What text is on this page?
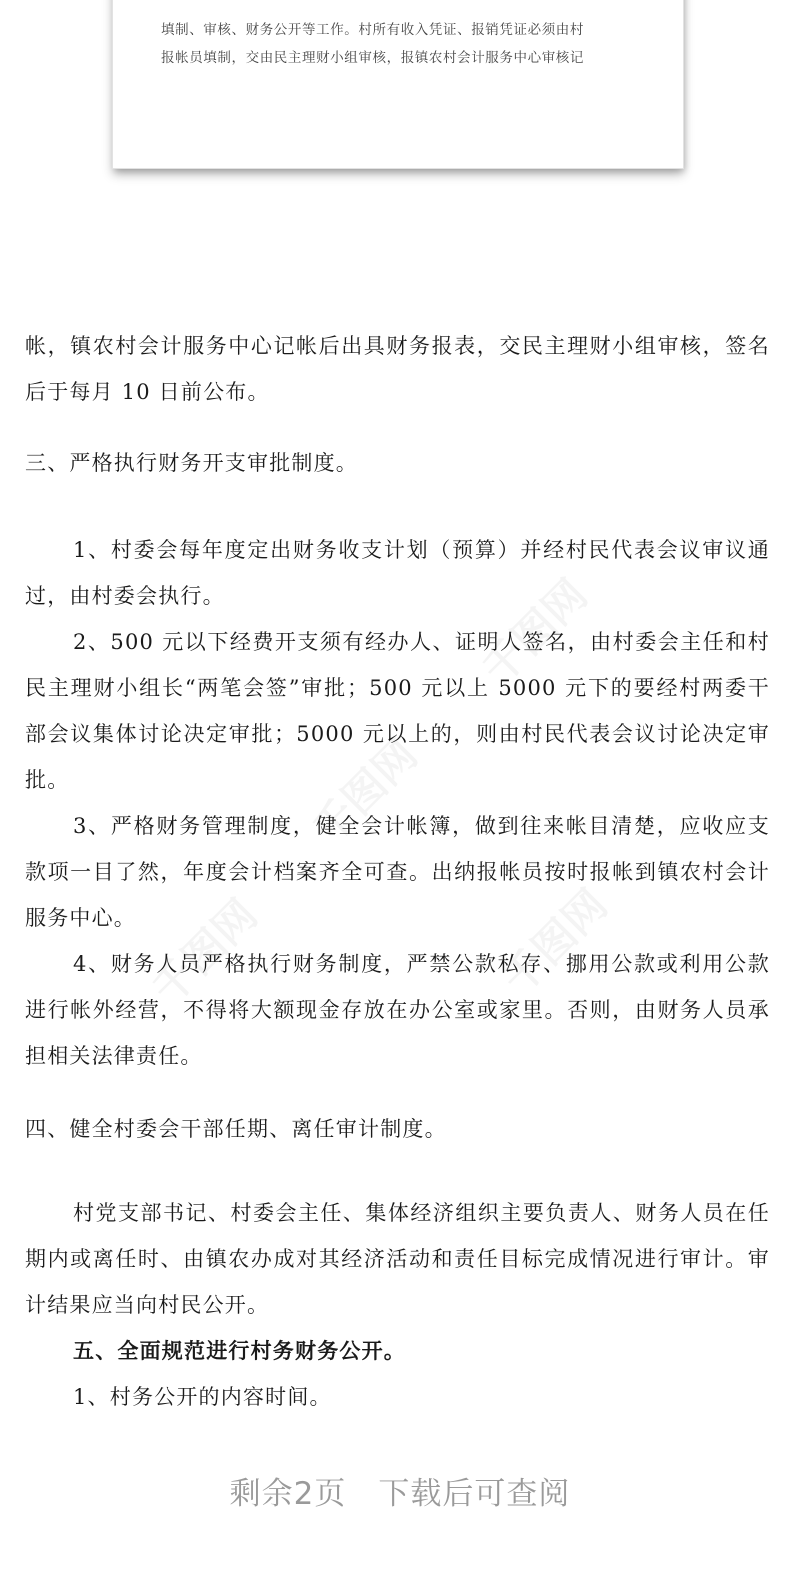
填制、审核、财务公开等工作。村所有收入凭证、报销凭证必须由村
报帐员填制，交由民主理财小组审核，报镇农村会计服务中心审核记

帐，镇农村会计服务中心记帐后出具财务报表，交民主理财小组审核，签名后于每月 10 日前公布。

三、严格执行财务开支审批制度。

1、村委会每年度定出财务收支计划（预算）并经村民代表会议审议通过，由村委会执行。

2、500 元以下经费开支须有经办人、证明人签名，由村委会主任和村民主理财小组长“两笔会签”审批；500 元以上 5000 元下的要经村两委干部会议集体讨论决定审批；5000 元以上的，则由村民代表会议讨论决定审批。

3、严格财务管理制度，健全会计帐簿，做到往来帐目清楚，应收应支款项一目了然，年度会计档案齐全可查。出纳报帐员按时报帐到镇农村会计服务中心。

4、财务人员严格执行财务制度，严禁公款私存、挪用公款或利用公款进行帐外经营，不得将大额现金存放在办公室或家里。否则，由财务人员承担相关法律责任。

四、健全村委会干部任期、离任审计制度。

村党支部书记、村委会主任、集体经济组织主要负责人、财务人员在任期内或离任时、由镇农办成对其经济活动和责任目标完成情况进行审计。审计结果应当向村民公开。

五、全面规范进行村务财务公开。

1、村务公开的内容时间。

剩余2页 下载后可查阅
